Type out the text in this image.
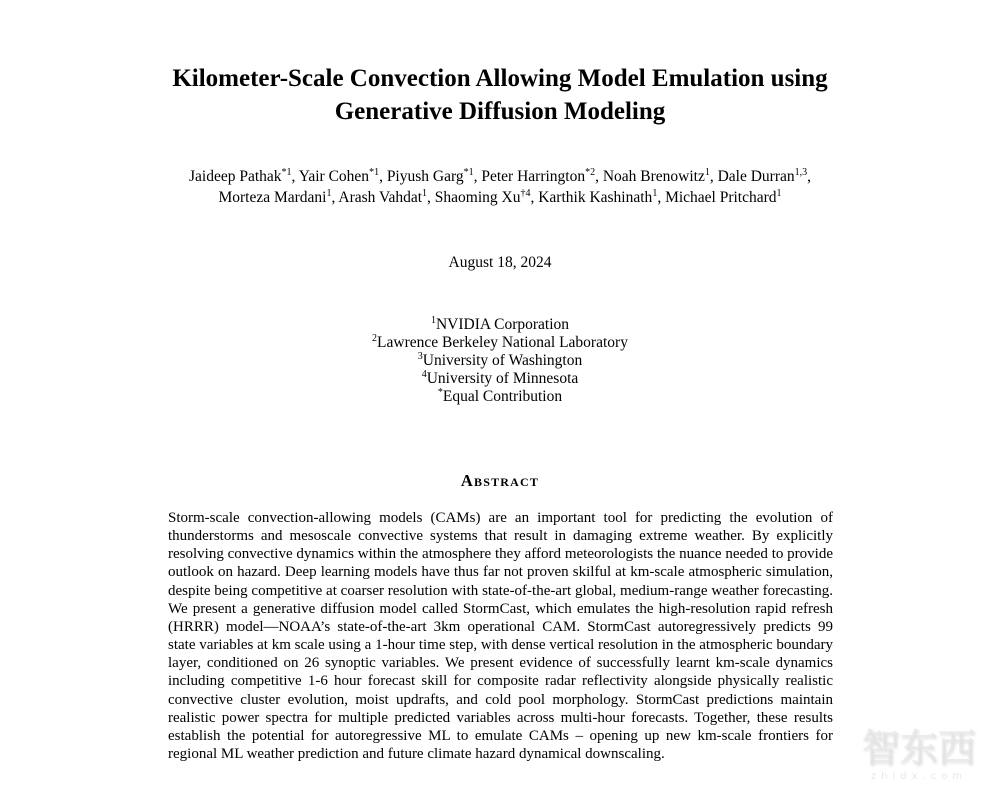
Kilometer-Scale Convection Allowing Model Emulation using
Generative Diffusion Modeling
Jaideep Pathak$^{*1}$, Yair Cohen$^{*1}$, Piyush Garg$^{*1}$, Peter Harrington$^{*2}$, Noah Brenowitz$^1$, Dale Durran$^{1,3}$,
Morteza Mardani$^1$, Arash Vahdat$^1$, Shaoming Xu$^{\dagger 4}$, Karthik Kashinath$^1$, Michael Pritchard$^1$
August 18, 2024
$^1$NVIDIA Corporation
$^2$Lawrence Berkeley National Laboratory
$^3$University of Washington
$^4$University of Minnesota
*Equal Contribution
Abstract

Storm-scale convection-allowing models (CAMs) are an important tool for predicting the evolution of thunderstorms and mesoscale convective systems that result in damaging extreme weather. By explicitly resolving convective dynamics within the atmosphere they afford meteorologists the nuance needed to provide outlook on hazard. Deep learning models have thus far not proven skilful at km-scale atmospheric simulation, despite being competitive at coarser resolution with state-of-the-art global, medium-range weather forecasting. We present a generative diffusion model called StormCast, which emulates the high-resolution rapid refresh (HRRR) model—NOAA’s state-of-the-art 3km operational CAM. StormCast autoregressively predicts 99 state variables at km scale using a 1-hour time step, with dense vertical resolution in the atmospheric boundary layer, conditioned on 26 synoptic variables. We present evidence of successfully learnt km-scale dynamics including competitive 1-6 hour forecast skill for composite radar reflectivity alongside physically realistic convective cluster evolution, moist updrafts, and cold pool morphology. StormCast predictions maintain realistic power spectra for multiple predicted variables across multi-hour forecasts. Together, these results establish the potential for autoregressive ML to emulate CAMs – opening up new km-scale frontiers for regional ML weather prediction and future climate hazard dynamical downscaling.	智东西
zhidx.com
